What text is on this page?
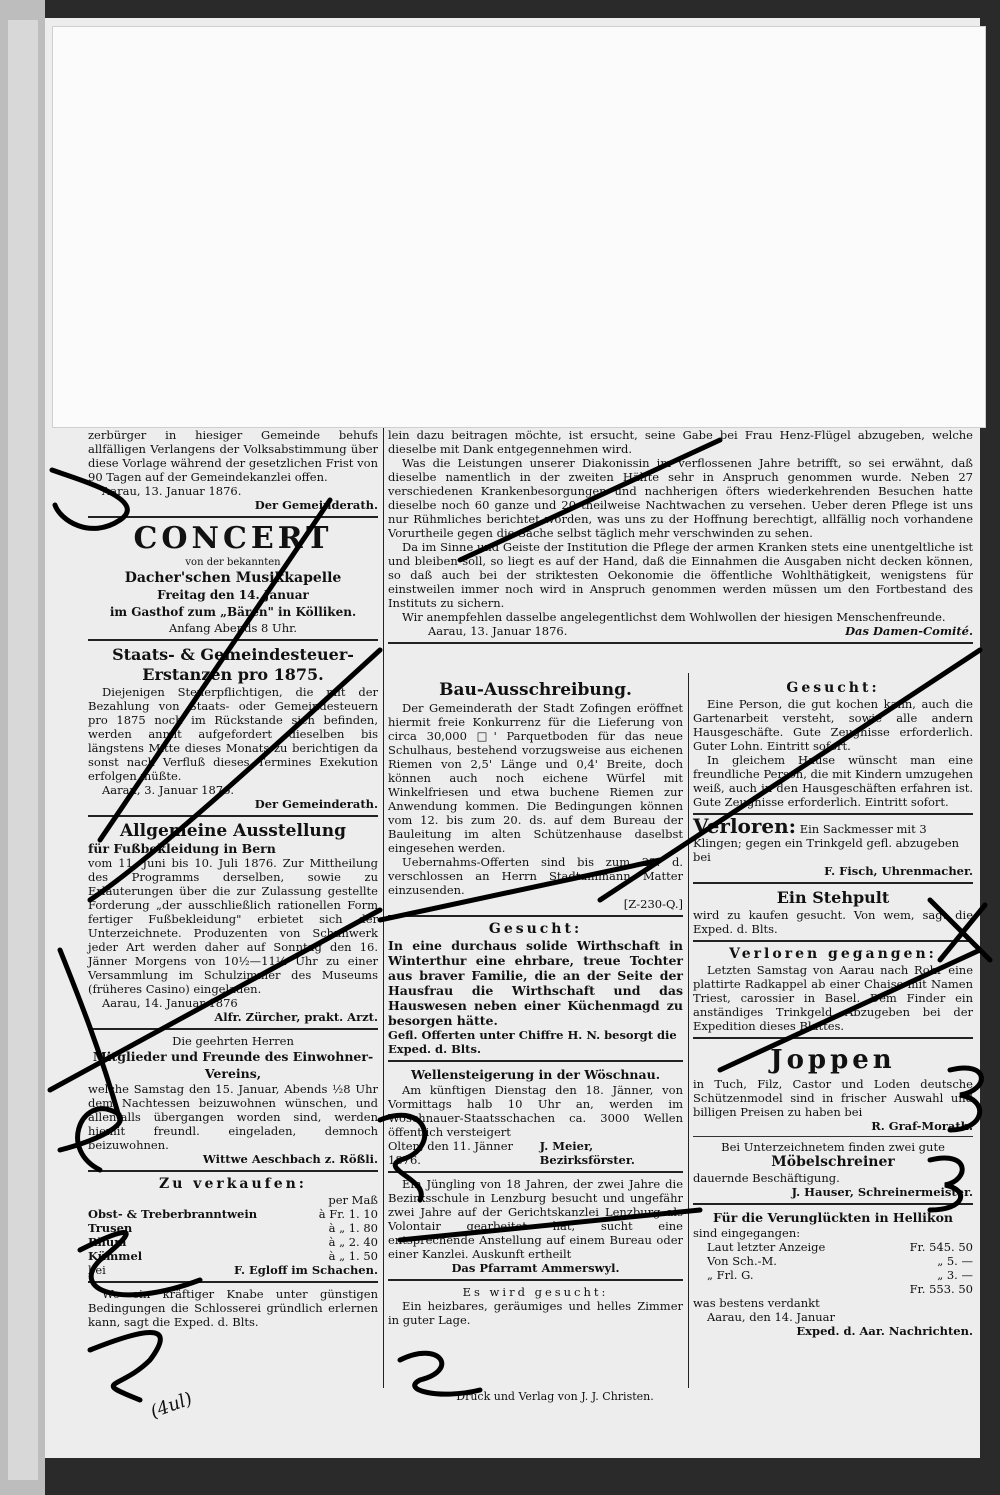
zerbürger in hiesiger Gemeinde behufs allfälligen Verlangens der Volksabstimmung über diese Vorlage während der gesetzlichen Frist von 90 Tagen auf der Gemeindekanzlei offen.

Aarau, 13. Januar 1876.
Der Gemeinderath.
CONCERT
von der bekannten
Dacher'schen Musikkapelle
Freitag den 14. Januar
im Gasthof zum „Bären" in Kölliken.
Anfang Abends 8 Uhr.
Staats- & Gemeindesteuer-Erstanzen pro 1875.

Diejenigen Steuerpflichtigen, die mit der Bezahlung von Staats- oder Gemeindesteuern pro 1875 noch im Rückstande sich befinden, werden anmit aufgefordert dieselben bis längstens Mitte dieses Monats zu berichtigen da sonst nach Verfluß dieses Termines Exekution erfolgen müßte.

Aarau, 3. Januar 1876.
Der Gemeinderath.
Allgemeine Ausstellung
für Fußbekleidung in Bern

vom 11. Juni bis 10. Juli 1876. Zur Mittheilung des Programms derselben, sowie zu Erläuterungen über die zur Zulassung gestellte Forderung „der ausschließlich rationellen Form fertiger Fußbekleidung" erbietet sich der Unterzeichnete. Produzenten von Schuhwerk jeder Art werden daher auf Sonntag den 16. Jänner Morgens von 10½—11½ Uhr zu einer Versammlung im Schulzimmer des Museums (früheres Casino) eingeladen.

Aarau, 14. Januar 1876
Alfr. Zürcher, prakt. Arzt.
Die geehrten Herren
Mitglieder und Freunde des Einwohner-Vereins,

welche Samstag den 15. Januar, Abends ½8 Uhr dem Nachtessen beizuwohnen wünschen, und allenfalls übergangen worden sind, werden hiemit freundl. eingeladen, demnoch beizuwohnen.

Wittwe Aeschbach z. Rößli.
Zu verkaufen:
per Maß
Obst- & Treberbranntwein	à Fr. 1. 10
Trusen	à „ 1. 80
Rhum	à „ 2. 40
Kümmel	à „ 1. 50
bei	F. Egloff im Schachen.

Wo ein kräftiger Knabe unter günstigen Bedingungen die Schlosserei gründlich erlernen kann, sagt die Exped. d. Blts.

lein dazu beitragen möchte, ist ersucht, seine Gabe bei Frau Henz-Flügel abzugeben, welche dieselbe mit Dank entgegennehmen wird.

Was die Leistungen unserer Diakonissin im verflossenen Jahre betrifft, so sei erwähnt, daß dieselbe namentlich in der zweiten Hälfte sehr in Anspruch genommen wurde. Neben 27 verschiedenen Krankenbesorgungen und nachherigen öfters wiederkehrenden Besuchen hatte dieselbe noch 60 ganze und 20 theilweise Nachtwachen zu versehen. Ueber deren Pflege ist uns nur Rühmliches berichtet worden, was uns zu der Hoffnung berechtigt, allfällig noch vorhandene Vorurtheile gegen die Sache selbst täglich mehr verschwinden zu sehen.

Da im Sinne und Geiste der Institution die Pflege der armen Kranken stets eine unentgeltliche ist und bleiben soll, so liegt es auf der Hand, daß die Einnahmen die Ausgaben nicht decken können, so daß auch bei der striktesten Oekonomie die öffentliche Wohlthätigkeit, wenigstens für einstweilen immer noch wird in Anspruch genommen werden müssen um den Fortbestand des Instituts zu sichern.

Wir anempfehlen dasselbe angelegentlichst dem Wohlwollen der hiesigen Menschenfreunde.

Aarau, 13. Januar 1876.	Das Damen-Comité.
Bau-Ausschreibung.

Der Gemeinderath der Stadt Zofingen eröffnet hiermit freie Konkurrenz für die Lieferung von circa 30,000 □' Parquetboden für das neue Schulhaus, bestehend vorzugsweise aus eichenen Riemen von 2,5' Länge und 0,4' Breite, doch können auch noch eichene Würfel mit Winkelfriesen und etwa buchene Riemen zur Anwendung kommen. Die Bedingungen können vom 12. bis zum 20. ds. auf dem Bureau der Bauleitung im alten Schützenhause daselbst eingesehen werden.

Uebernahms-Offerten sind bis zum 22. d. verschlossen an Herrn Stadtammann Matter einzusenden.

[Z-230-Q.]
Gesucht:

In eine durchaus solide Wirthschaft in Winterthur eine ehrbare, treue Tochter aus braver Familie, die an der Seite der Hausfrau die Wirthschaft und das Hauswesen neben einer Küchenmagd zu besorgen hätte.

Gefl. Offerten unter Chiffre H. N. besorgt die Exped. d. Blts.
Wellensteigerung in der Wöschnau.

Am künftigen Dienstag den 18. Jänner, von Vormittags halb 10 Uhr an, werden im Wöschnauer-Staatsschachen ca. 3000 Wellen öffentlich versteigert

Olten, den 11. Jänner 1876.
J. Meier, Bezirksförster.

Ein Jüngling von 18 Jahren, der zwei Jahre die Bezirksschule in Lenzburg besucht und ungefähr zwei Jahre auf der Gerichtskanzlei Lenzburg als Volontair gearbeitet hat, sucht eine entsprechende Anstellung auf einem Bureau oder einer Kanzlei. Auskunft ertheilt

Das Pfarramt Ammerswyl.
Es wird gesucht:

Ein heizbares, geräumiges und helles Zimmer in guter Lage.

Gesucht:

Eine Person, die gut kochen kann, auch die Gartenarbeit versteht, sowie alle andern Hausgeschäfte. Gute Zeugnisse erforderlich. Guter Lohn. Eintritt sofort.

In gleichem Hause wünscht man eine freundliche Person, die mit Kindern umzugehen weiß, auch in den Hausgeschäften erfahren ist. Gute Zeugnisse erforderlich. Eintritt sofort.

Verloren: Ein Sackmesser mit 3 Klingen; gegen ein Trinkgeld gefl. abzugeben bei
F. Fisch, Uhrenmacher.
Ein Stehpult

wird zu kaufen gesucht. Von wem, sagt die Exped. d. Blts.

Verloren gegangen:

Letzten Samstag von Aarau nach Rohr eine plattirte Radkappel ab einer Chaise mit Namen Triest, carossier in Basel. Dem Finder ein anständiges Trinkgeld Abzugeben bei der Expedition dieses Blattes.

Joppen

in Tuch, Filz, Castor und Loden deutsche Schützenmodel sind in frischer Auswahl und billigen Preisen zu haben bei

R. Graf-Morath.
Bei Unterzeichnetem finden zwei gute
Möbelschreiner
dauernde Beschäftigung.
J. Hauser, Schreinermeister.
Für die Verunglückten in Hellikon
sind eingegangen:
Laut letzter Anzeige	Fr. 545. 50
Von Sch.-M.	„ 5. —
„ Frl. G.	„ 3. —
Fr. 553. 50
was bestens verdankt
Aarau, den 14. Januar
Exped. d. Aar. Nachrichten.
Druck und Verlag von J. J. Christen.
(4ul)
